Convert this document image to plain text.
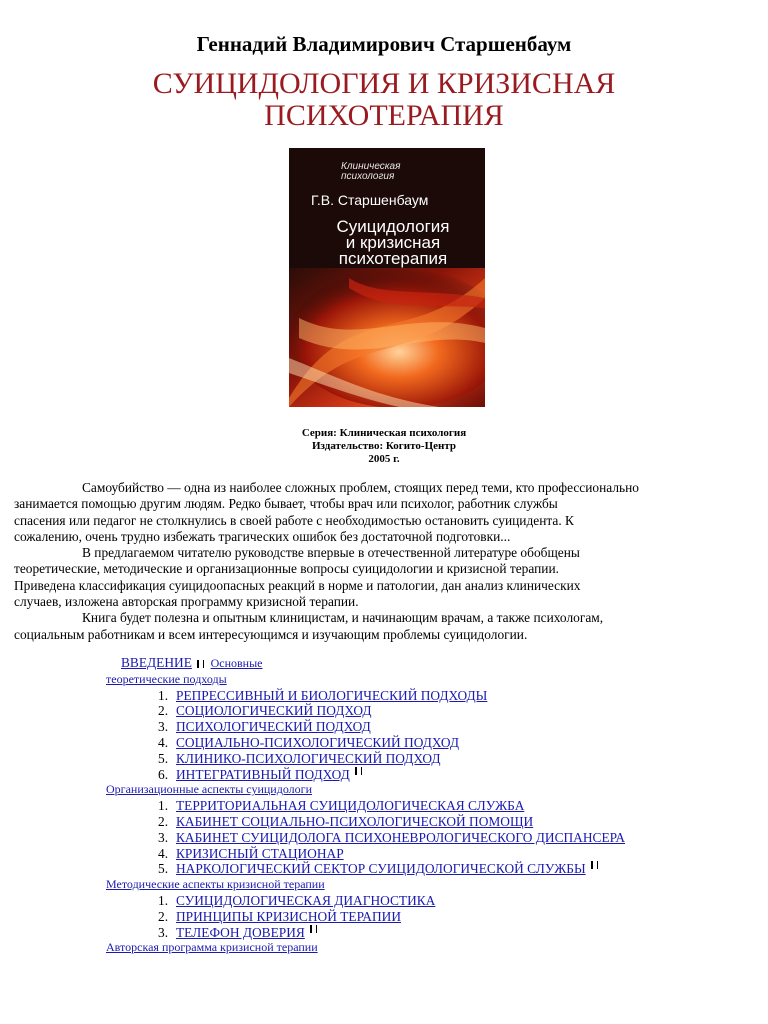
Геннадий Владимирович Старшенбаум
СУИЦИДОЛОГИЯ И КРИЗИСНАЯ
ПСИХОТЕРАПИЯ
Клиническая
психология
Г.В. Старшенбаум
Суицидология
и кризисная
психотерапия
Серия: Клиническая психология
Издательство: Когито-Центр
2005 г.

Самоубийство — одна из наиболее сложных проблем, стоящих перед теми, кто профессионально
занимается помощью другим людям. Редко бывает, чтобы врач или психолог, работник службы
спасения или педагог не столкнулись в своей работе с необходимостью остановить суицидента. К
сожалению, очень трудно избежать трагических ошибок без достаточной подготовки...

В предлагаемом читателю руководстве впервые в отечественной литературе обобщены
теоретические, методические и организационные вопросы суицидологии и кризисной терапии.
Приведена классификация суицидоопасных реакций в норме и патологии, дан анализ клинических
случаев, изложена авторская программу кризисной терапии.

Книга будет полезна и опытным клиницистам, и начинающим врачам, а также психологам,
социальным работникам и всем интересующимся и изучающим проблемы суицидологии.

ВВЕДЕНИЕ Основные
теоретические подходы
1. РЕПРЕССИВНЫЙ И БИОЛОГИЧЕСКИЙ ПОДХОДЫ
2. СОЦИОЛОГИЧЕСКИЙ ПОДХОД
3. ПСИХОЛОГИЧЕСКИЙ ПОДХОД
4. СОЦИАЛЬНО-ПСИХОЛОГИЧЕСКИЙ ПОДХОД
5. КЛИНИКО-ПСИХОЛОГИЧЕСКИЙ ПОДХОД
6. ИНТЕГРАТИВНЫЙ ПОДХОД
Организационные аспекты суицидологи
1. ТЕРРИТОРИАЛЬНАЯ СУИЦИДОЛОГИЧЕСКАЯ СЛУЖБА
2. КАБИНЕТ СОЦИАЛЬНО-ПСИХОЛОГИЧЕСКОЙ ПОМОЩИ
3. КАБИНЕТ СУИЦИДОЛОГА ПСИХОНЕВРОЛОГИЧЕСКОГО ДИСПАНСЕРА
4. КРИЗИСНЫЙ СТАЦИОНАР
5. НАРКОЛОГИЧЕСКИЙ СЕКТОР СУИЦИДОЛОГИЧЕСКОЙ СЛУЖБЫ
Методические аспекты кризисной терапии
1. СУИЦИДОЛОГИЧЕСКАЯ ДИАГНОСТИКА
2. ПРИНЦИПЫ КРИЗИСНОЙ ТЕРАПИИ
3. ТЕЛЕФОН ДОВЕРИЯ
Авторская программа кризисной терапии
